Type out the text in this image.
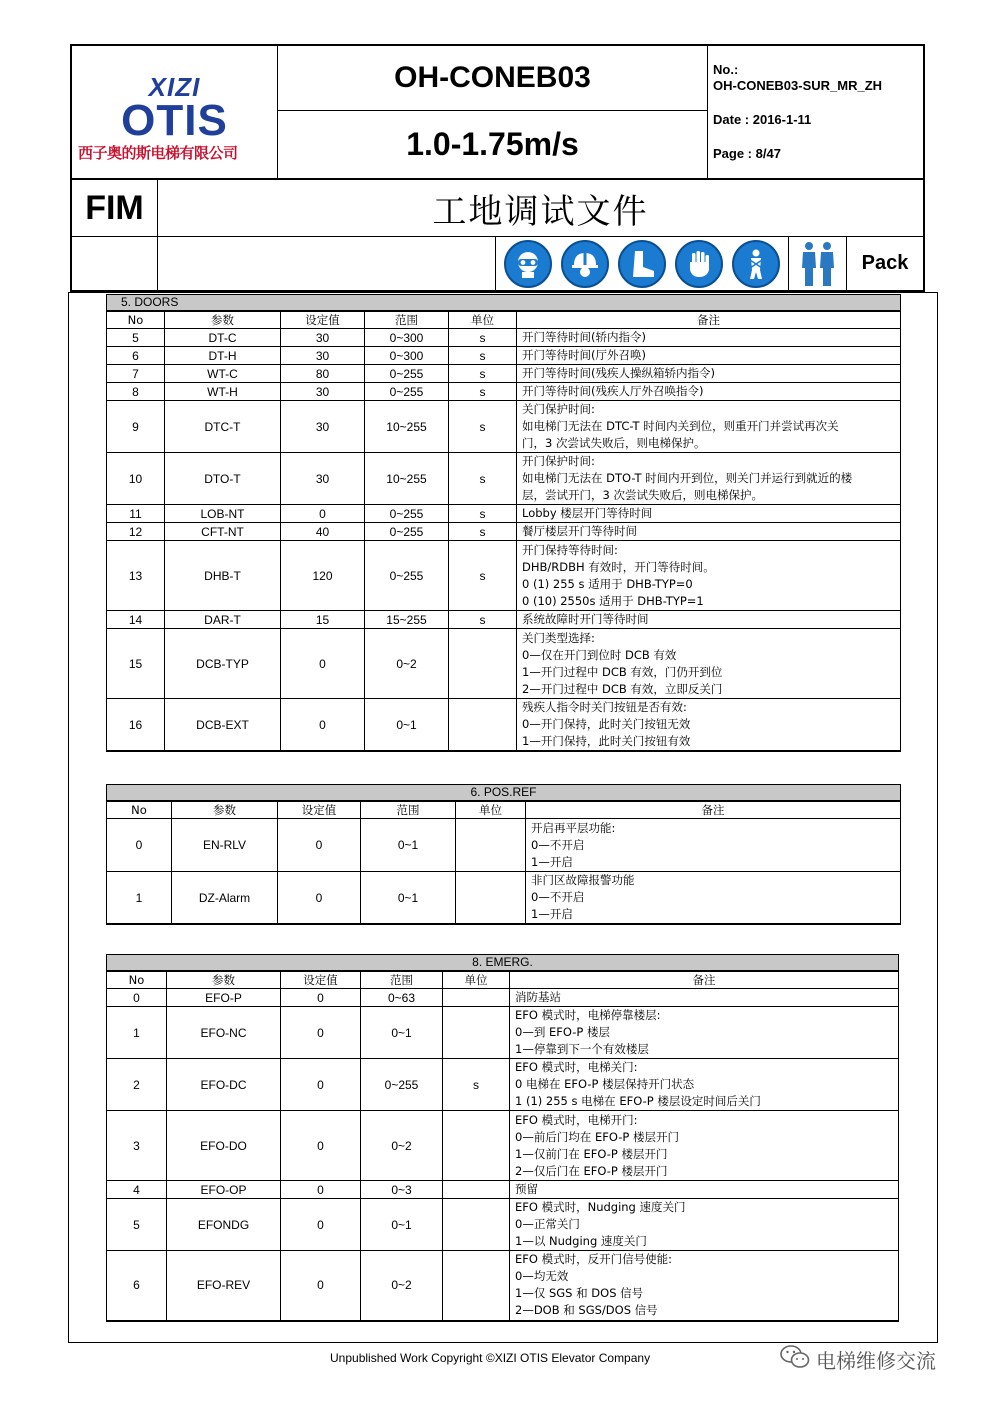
XIZI
OTIS
西子奥的斯电梯有限公司
OH-CONEB03
1.0-1.75m/s
No.:
OH-CONEB03-SUR_MR_ZH
Date : 2016-1-11
Page : 8/47
FIM	工地调试文件
Pack
5. DOORS					
No	参数	设定值	范围	单位	备注
5	DT-C	30	0~300	s	开门等待时间(轿内指令)

6	DT-H	30	0~300	s	开门等待时间(厅外召唤)

7	WT-C	80	0~255	s	开门等待时间(残疾人操纵箱轿内指令)

8	WT-H	30	0~255	s	开门等待时间(残疾人厅外召唤指令)

9	DTC-T	30	10~255	s	关门保护时间:
如电梯门无法在 DTC-T 时间内关到位，则重开门并尝试再次关
门，3 次尝试失败后，则电梯保护。

10	DTO-T	30	10~255	s	开门保护时间:
如电梯门无法在 DTO-T 时间内开到位，则关门并运行到就近的楼
层，尝试开门，3 次尝试失败后，则电梯保护。

11	LOB-NT	0	0~255	s	Lobby 楼层开门等待时间

12	CFT-NT	40	0~255	s	餐厅楼层开门等待时间

13	DHB-T	120	0~255	s	开门保持等待时间:
DHB/RDBH 有效时，开门等待时间。
0 (1) 255 s 适用于 DHB-TYP=0
0 (10) 2550s 适用于 DHB-TYP=1

14	DAR-T	15	15~255	s	系统故障时开门等待时间

15	DCB-TYP	0	0~2		关门类型选择:
0—仅在开门到位时 DCB 有效
1—开门过程中 DCB 有效，门仍开到位
2—开门过程中 DCB 有效，立即反关门

16	DCB-EXT	0	0~1		残疾人指令时关门按钮是否有效:
0—开门保持，此时关门按钮无效
1—开门保持，此时关门按钮有效
6. POS.REF					
No	参数	设定值	范围	单位	备注
0	EN-RLV	0	0~1		开启再平层功能:
0—不开启
1—开启

1	DZ-Alarm	0	0~1		非门区故障报警功能
0—不开启
1—开启
8. EMERG.					
No	参数	设定值	范围	单位	备注
0	EFO-P	0	0~63		消防基站

1	EFO-NC	0	0~1		EFO 模式时，电梯停靠楼层:
0—到 EFO-P 楼层
1—停靠到下一个有效楼层

2	EFO-DC	0	0~255	s	EFO 模式时，电梯关门:
0 电梯在 EFO-P 楼层保持开门状态
1 (1) 255 s 电梯在 EFO-P 楼层设定时间后关门

3	EFO-DO	0	0~2		EFO 模式时，电梯开门:
0—前后门均在 EFO-P 楼层开门
1—仅前门在 EFO-P 楼层开门
2—仅后门在 EFO-P 楼层开门

4	EFO-OP	0	0~3		预留

5	EFONDG	0	0~1		EFO 模式时，Nudging 速度关门
0—正常关门
1—以 Nudging 速度关门

6	EFO-REV	0	0~2		EFO 模式时，反开门信号使能:
0—均无效
1—仅 SGS 和 DOS 信号
2—DOB 和 SGS/DOS 信号
Unpublished Work Copyright ©XIZI OTIS Elevator Company	电梯维修交流
